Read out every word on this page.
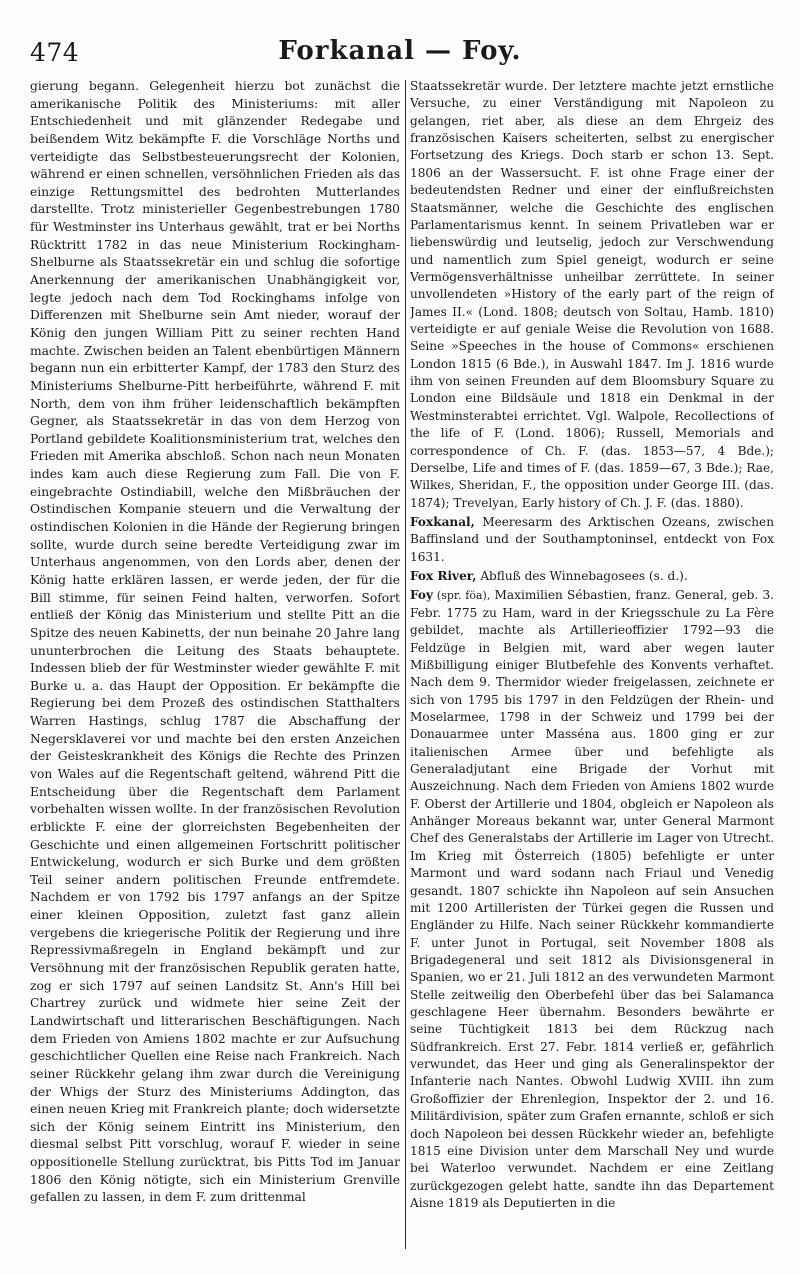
474	Forkanal — Foy.

gierung begann. Gelegenheit hierzu bot zunächst die amerikanische Politik des Ministeriums: mit aller Entschiedenheit und mit glänzender Redegabe und beißendem Witz bekämpfte F. die Vorschläge Norths und verteidigte das Selbstbesteuerungsrecht der Kolonien, während er einen schnellen, versöhnlichen Frieden als das einzige Rettungsmittel des bedrohten Mutterlandes darstellte. Trotz ministerieller Gegenbestrebungen 1780 für Westminster ins Unterhaus gewählt, trat er bei Norths Rücktritt 1782 in das neue Ministerium Rockingham-Shelburne als Staatssekretär ein und schlug die sofortige Anerkennung der amerikanischen Unabhängigkeit vor, legte jedoch nach dem Tod Rockinghams infolge von Differenzen mit Shelburne sein Amt nieder, worauf der König den jungen William Pitt zu seiner rechten Hand machte. Zwischen beiden an Talent ebenbürtigen Männern begann nun ein erbitterter Kampf, der 1783 den Sturz des Ministeriums Shelburne-Pitt herbeiführte, während F. mit North, dem von ihm früher leidenschaftlich bekämpften Gegner, als Staatssekretär in das von dem Herzog von Portland gebildete Koalitionsministerium trat, welches den Frieden mit Amerika abschloß. Schon nach neun Monaten indes kam auch diese Regierung zum Fall. Die von F. eingebrachte Ostindiabill, welche den Mißbräuchen der Ostindischen Kompanie steuern und die Verwaltung der ostindischen Kolonien in die Hände der Regierung bringen sollte, wurde durch seine beredte Verteidigung zwar im Unterhaus angenommen, von den Lords aber, denen der König hatte erklären lassen, er werde jeden, der für die Bill stimme, für seinen Feind halten, verworfen. Sofort entließ der König das Ministerium und stellte Pitt an die Spitze des neuen Kabinetts, der nun beinahe 20 Jahre lang ununterbrochen die Leitung des Staats behauptete. Indessen blieb der für Westminster wieder gewählte F. mit Burke u. a. das Haupt der Opposition. Er bekämpfte die Regierung bei dem Prozeß des ostindischen Statthalters Warren Hastings, schlug 1787 die Abschaffung der Negersklaverei vor und machte bei den ersten Anzeichen der Geisteskrankheit des Königs die Rechte des Prinzen von Wales auf die Regentschaft geltend, während Pitt die Entscheidung über die Regentschaft dem Parlament vorbehalten wissen wollte. In der französischen Revolution erblickte F. eine der glorreichsten Begebenheiten der Geschichte und einen allgemeinen Fortschritt politischer Entwickelung, wodurch er sich Burke und dem größten Teil seiner andern politischen Freunde entfremdete. Nachdem er von 1792 bis 1797 anfangs an der Spitze einer kleinen Opposition, zuletzt fast ganz allein vergebens die kriegerische Politik der Regierung und ihre Repressivmaßregeln in England bekämpft und zur Versöhnung mit der französischen Republik geraten hatte, zog er sich 1797 auf seinen Landsitz St. Ann's Hill bei Chartrey zurück und widmete hier seine Zeit der Landwirtschaft und litterarischen Beschäftigungen. Nach dem Frieden von Amiens 1802 machte er zur Aufsuchung geschichtlicher Quellen eine Reise nach Frankreich. Nach seiner Rückkehr gelang ihm zwar durch die Vereinigung der Whigs der Sturz des Ministeriums Addington, das einen neuen Krieg mit Frankreich plante; doch widersetzte sich der König seinem Eintritt ins Ministerium, den diesmal selbst Pitt vorschlug, worauf F. wieder in seine oppositionelle Stellung zurücktrat, bis Pitts Tod im Januar 1806 den König nötigte, sich ein Ministerium Grenville gefallen zu lassen, in dem F. zum drittenmal

Staatssekretär wurde. Der letztere machte jetzt ernstliche Versuche, zu einer Verständigung mit Napoleon zu gelangen, riet aber, als diese an dem Ehrgeiz des französischen Kaisers scheiterten, selbst zu energischer Fortsetzung des Kriegs. Doch starb er schon 13. Sept. 1806 an der Wassersucht. F. ist ohne Frage einer der bedeutendsten Redner und einer der einflußreichsten Staatsmänner, welche die Geschichte des englischen Parlamentarismus kennt. In seinem Privatleben war er liebenswürdig und leutselig, jedoch zur Verschwendung und namentlich zum Spiel geneigt, wodurch er seine Vermögensverhältnisse unheilbar zerrüttete. In seiner unvollendeten »History of the early part of the reign of James II.« (Lond. 1808; deutsch von Soltau, Hamb. 1810) verteidigte er auf geniale Weise die Revolution von 1688. Seine »Speeches in the house of Commons« erschienen London 1815 (6 Bde.), in Auswahl 1847. Im J. 1816 wurde ihm von seinen Freunden auf dem Bloomsbury Square zu London eine Bildsäule und 1818 ein Denkmal in der Westminsterabtei errichtet. Vgl. Walpole, Recollections of the life of F. (Lond. 1806); Russell, Memorials and correspondence of Ch. F. (das. 1853—57, 4 Bde.); Derselbe, Life and times of F. (das. 1859—67, 3 Bde.); Rae, Wilkes, Sheridan, F., the opposition under George III. (das. 1874); Trevelyan, Early history of Ch. J. F. (das. 1880).

Foxkanal, Meeresarm des Arktischen Ozeans, zwischen Baffinsland und der Southamptoninsel, entdeckt von Fox 1631.

Fox River, Abfluß des Winnebagosees (s. d.).

Foy (spr. föa), Maximilien Sébastien, franz. General, geb. 3. Febr. 1775 zu Ham, ward in der Kriegsschule zu La Fère gebildet, machte als Artillerieoffizier 1792—93 die Feldzüge in Belgien mit, ward aber wegen lauter Mißbilligung einiger Blutbefehle des Konvents verhaftet. Nach dem 9. Thermidor wieder freigelassen, zeichnete er sich von 1795 bis 1797 in den Feldzügen der Rhein- und Moselarmee, 1798 in der Schweiz und 1799 bei der Donauarmee unter Masséna aus. 1800 ging er zur italienischen Armee über und befehligte als Generaladjutant eine Brigade der Vorhut mit Auszeichnung. Nach dem Frieden von Amiens 1802 wurde F. Oberst der Artillerie und 1804, obgleich er Napoleon als Anhänger Moreaus bekannt war, unter General Marmont Chef des Generalstabs der Artillerie im Lager von Utrecht. Im Krieg mit Österreich (1805) befehligte er unter Marmont und ward sodann nach Friaul und Venedig gesandt. 1807 schickte ihn Napoleon auf sein Ansuchen mit 1200 Artilleristen der Türkei gegen die Russen und Engländer zu Hilfe. Nach seiner Rückkehr kommandierte F. unter Junot in Portugal, seit November 1808 als Brigadegeneral und seit 1812 als Divisionsgeneral in Spanien, wo er 21. Juli 1812 an des verwundeten Marmont Stelle zeitweilig den Oberbefehl über das bei Salamanca geschlagene Heer übernahm. Besonders bewährte er seine Tüchtigkeit 1813 bei dem Rückzug nach Südfrankreich. Erst 27. Febr. 1814 verließ er, gefährlich verwundet, das Heer und ging als Generalinspektor der Infanterie nach Nantes. Obwohl Ludwig XVIII. ihn zum Großoffizier der Ehrenlegion, Inspektor der 2. und 16. Militärdivision, später zum Grafen ernannte, schloß er sich doch Napoleon bei dessen Rückkehr wieder an, befehligte 1815 eine Division unter dem Marschall Ney und wurde bei Waterloo verwundet. Nachdem er eine Zeitlang zurückgezogen gelebt hatte, sandte ihn das Departement Aisne 1819 als Deputierten in die
